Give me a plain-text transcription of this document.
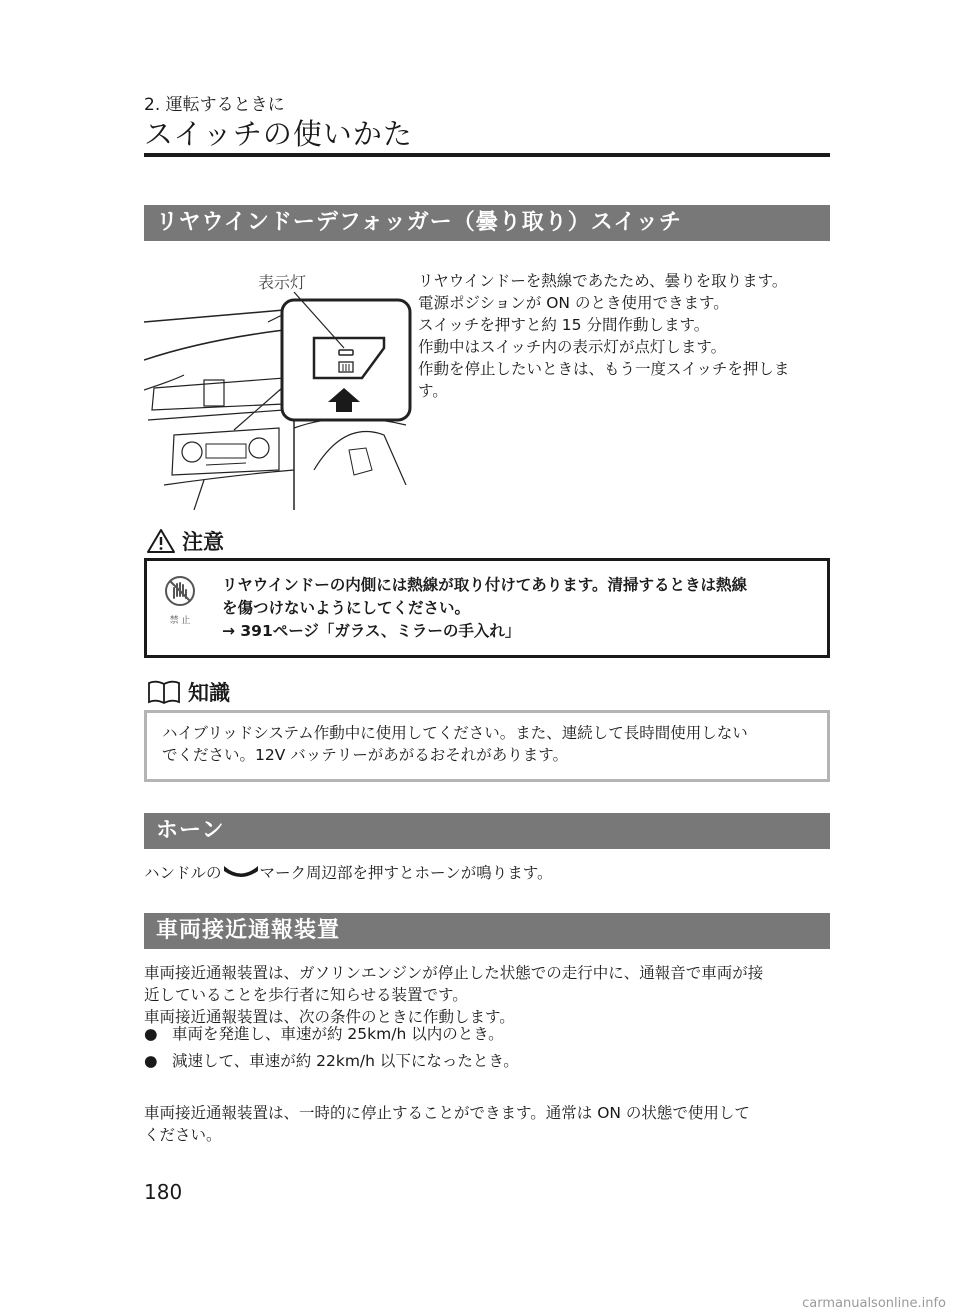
2. 運転するときに
スイッチの使いかた
リヤウインドーデフォッガー（曇り取り）スイッチ
表示灯	リヤウインドーを熱線であたため、曇りを取ります。
電源ポジションが ON のとき使用できます。
スイッチを押すと約 15 分間作動します。
作動中はスイッチ内の表示灯が点灯します。
作動を停止したいときは、もう一度スイッチを押しま
す。
注意
禁 止
リヤウインドーの内側には熱線が取り付けてあります。清掃するときは熱線
を傷つけないようにしてください。
→ 391ページ「ガラス、ミラーの手入れ」
知識
ハイブリッドシステム作動中に使用してください。また、連続して長時間使用しない
でください。12V バッテリーがあがるおそれがあります。
ホーン
ハンドルの マーク周辺部を押すとホーンが鳴ります。
車両接近通報装置
車両接近通報装置は、ガソリンエンジンが停止した状態での走行中に、通報音で車両が接
近していることを歩行者に知らせる装置です。
車両接近通報装置は、次の条件のときに作動します。
● 車両を発進し、車速が約 25km/h 以内のとき。
● 減速して、車速が約 22km/h 以下になったとき。
車両接近通報装置は、一時的に停止することができます。通常は ON の状態で使用して
ください。
180
carmanualsonline.info
